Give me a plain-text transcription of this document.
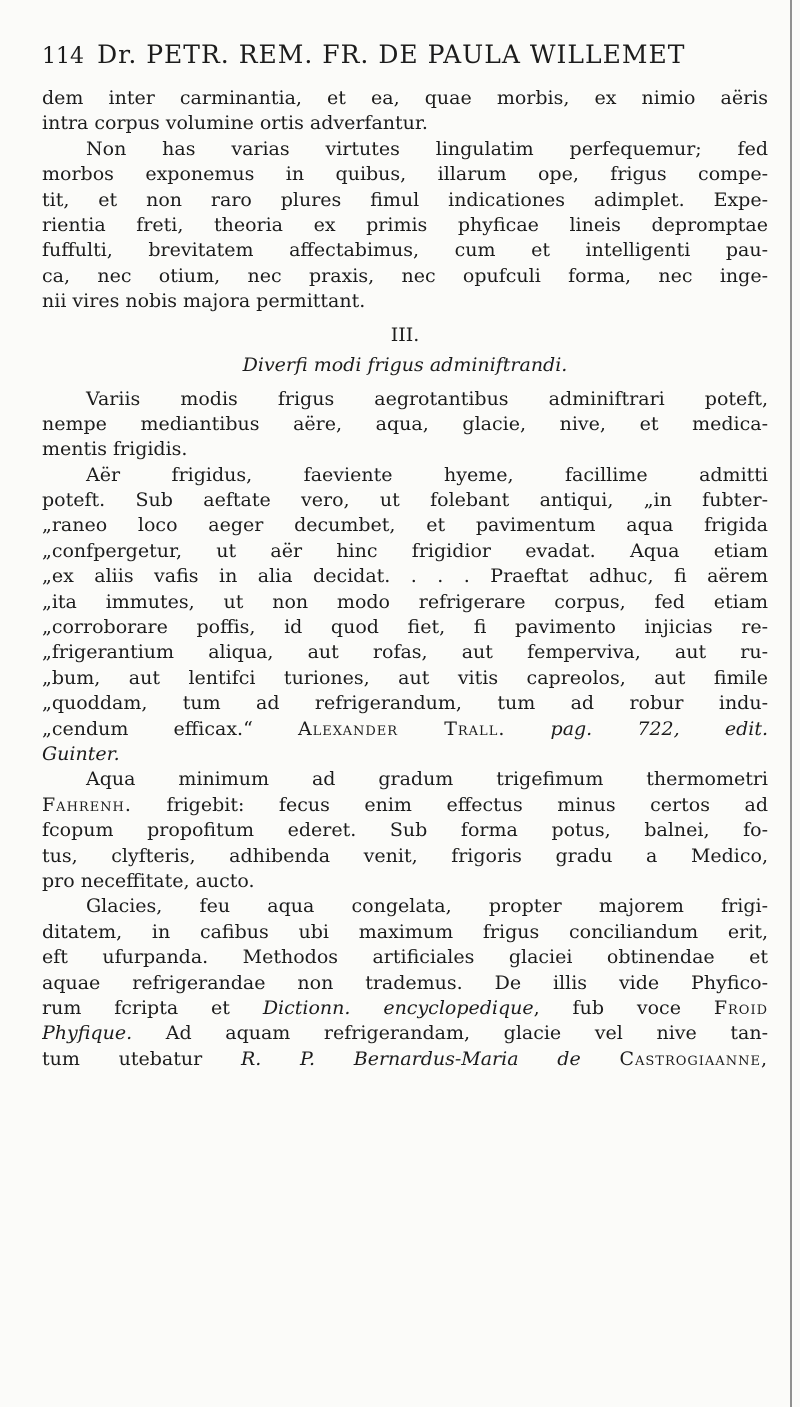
114 Dr. PETR. REM. FR. DE PAULA WILLEMET
dem inter carminantia, et ea, quae morbis, ex nimio aëris
intra corpus volumine ortis adverfantur.
Non has varias virtutes lingulatim perfequemur; fed
morbos exponemus in quibus, illarum ope, frigus compe-
tit, et non raro plures fimul indicationes adimplet. Expe-
rientia freti, theoria ex primis phyficae lineis depromptae
fuffulti, brevitatem affectabimus, cum et intelligenti pau-
ca, nec otium, nec praxis, nec opufculi forma, nec inge-
nii vires nobis majora permittant.
III.
Diverfi modi frigus adminiftrandi.
Variis modis frigus aegrotantibus adminiftrari poteft,
nempe mediantibus aëre, aqua, glacie, nive, et medica-
mentis frigidis.
Aër frigidus, faeviente hyeme, facillime admitti
poteft. Sub aeftate vero, ut folebant antiqui, „in fubter-
„raneo loco aeger decumbet, et pavimentum aqua frigida
„confpergetur, ut aër hinc frigidior evadat. Aqua etiam
„ex aliis vafis in alia decidat. . . . Praeftat adhuc, fi aërem
„ita immutes, ut non modo refrigerare corpus, fed etiam
„corroborare poffis, id quod fiet, fi pavimento injicias re-
„frigerantium aliqua, aut rofas, aut femperviva, aut ru-
„bum, aut lentifci turiones, aut vitis capreolos, aut fimile
„quoddam, tum ad refrigerandum, tum ad robur indu-
„cendum efficax.“ Alexander Trall. pag. 722, edit.
Guinter.
Aqua minimum ad gradum trigefimum thermometri
Fahrenh. frigebit: fecus enim effectus minus certos ad
fcopum propofitum ederet. Sub forma potus, balnei, fo-
tus, clyfteris, adhibenda venit, frigoris gradu a Medico,
pro neceffitate, aucto.
Glacies, feu aqua congelata, propter majorem frigi-
ditatem, in cafibus ubi maximum frigus conciliandum erit,
eft ufurpanda. Methodos artificiales glaciei obtinendae et
aquae refrigerandae non trademus. De illis vide Phyfico-
rum fcripta et Dictionn. encyclopedique, fub voce Froid
Phyfique. Ad aquam refrigerandam, glacie vel nive tan-
tum utebatur R. P. Bernardus-Maria de Castrogiaanne,
